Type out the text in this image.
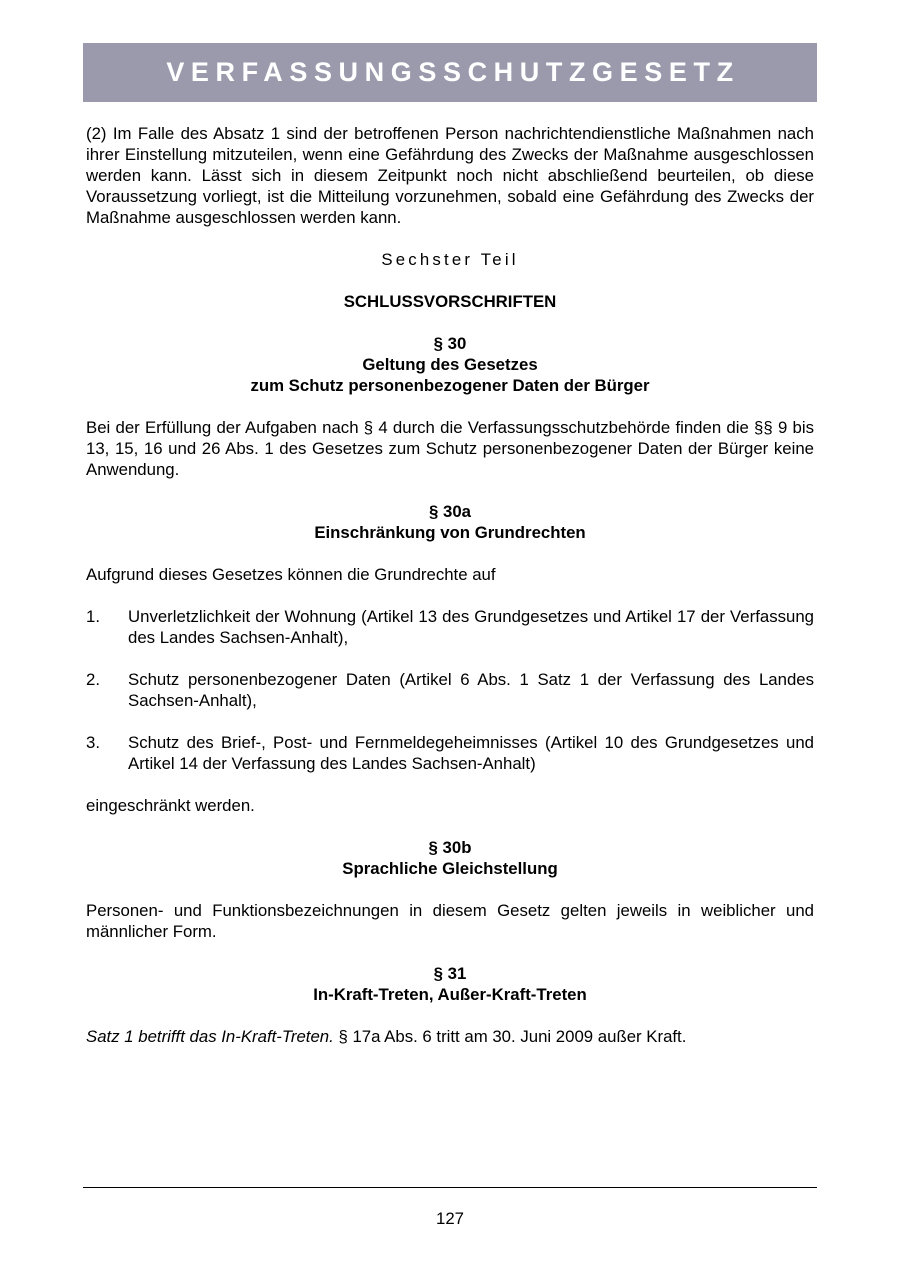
VERFASSUNGSSCHUTZGESETZ

(2) Im Falle des Absatz 1 sind der betroffenen Person nachrichtendienstliche Maßnahmen nach ihrer Einstellung mitzuteilen, wenn eine Gefährdung des Zwecks der Maßnahme ausgeschlossen werden kann. Lässt sich in diesem Zeitpunkt noch nicht abschließend beurteilen, ob diese Voraussetzung vorliegt, ist die Mitteilung vorzunehmen, sobald eine Gefährdung des Zwecks der Maßnahme ausgeschlossen werden kann.

Sechster Teil

SCHLUSSVORSCHRIFTEN

§ 30

Geltung des Gesetzes

zum Schutz personenbezogener Daten der Bürger

Bei der Erfüllung der Aufgaben nach § 4 durch die Verfassungsschutzbehörde finden die §§ 9 bis 13, 15, 16 und 26 Abs. 1 des Gesetzes zum Schutz personenbezogener Daten der Bürger keine Anwendung.

§ 30a

Einschränkung von Grundrechten

Aufgrund dieses Gesetzes können die Grundrechte auf

1.	Unverletzlichkeit der Wohnung (Artikel 13 des Grundgesetzes und Artikel 17 der Verfassung des Landes Sachsen-Anhalt),
2.	Schutz personenbezogener Daten (Artikel 6 Abs. 1 Satz 1 der Verfassung des Landes Sachsen-Anhalt),
3.	Schutz des Brief-, Post- und Fernmeldegeheimnisses (Artikel 10 des Grundgesetzes und Artikel 14 der Verfassung des Landes Sachsen-Anhalt)

eingeschränkt werden.

§ 30b

Sprachliche Gleichstellung

Personen- und Funktionsbezeichnungen in diesem Gesetz gelten jeweils in weiblicher und männlicher Form.

§ 31

In-Kraft-Treten, Außer-Kraft-Treten

Satz 1 betrifft das In-Kraft-Treten. § 17a Abs. 6 tritt am 30. Juni 2009 außer Kraft.

127
